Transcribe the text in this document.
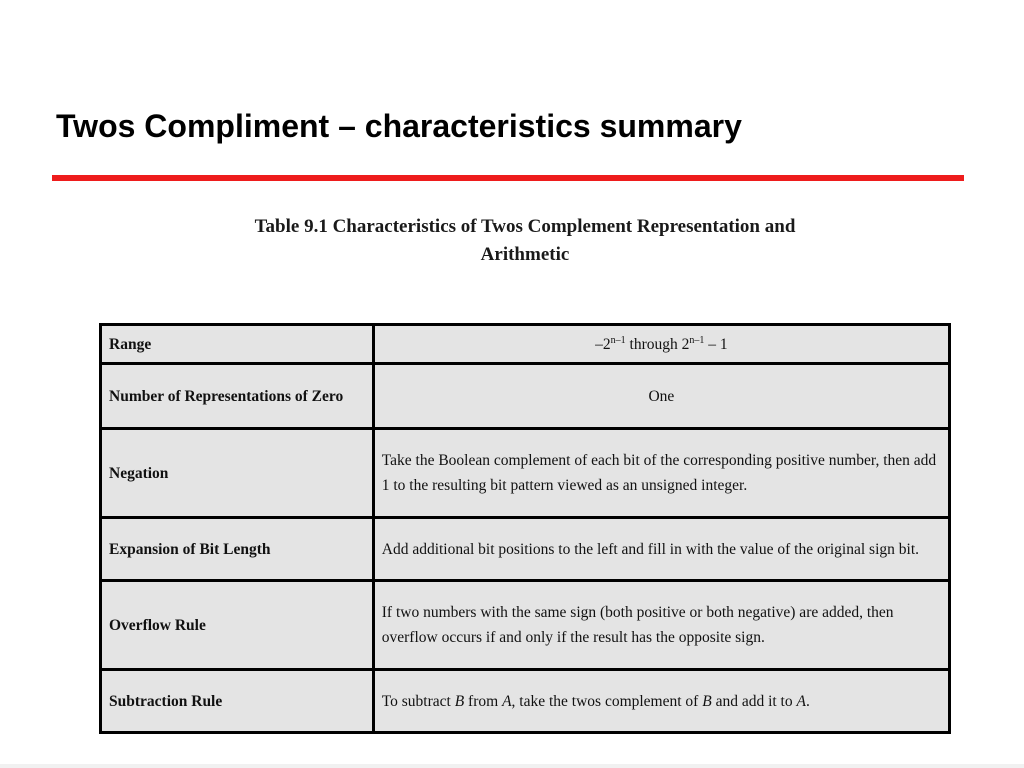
Twos Compliment – characteristics summary
Table 9.1 Characteristics of Twos Complement Representation and
Arithmetic
Range	–2$^{n-1}$ through 2$^{n-1}$ – 1
Number of Representations of Zero	One
Negation	Take the Boolean complement of each bit of the corresponding positive number, then add 1 to the resulting bit pattern viewed as an unsigned integer.
Expansion of Bit Length	Add additional bit positions to the left and fill in with the value of the original sign bit.
Overflow Rule	If two numbers with the same sign (both positive or both negative) are added, then overflow occurs if and only if the result has the opposite sign.
Subtraction Rule	To subtract B from A, take the twos complement of B and add it to A.
